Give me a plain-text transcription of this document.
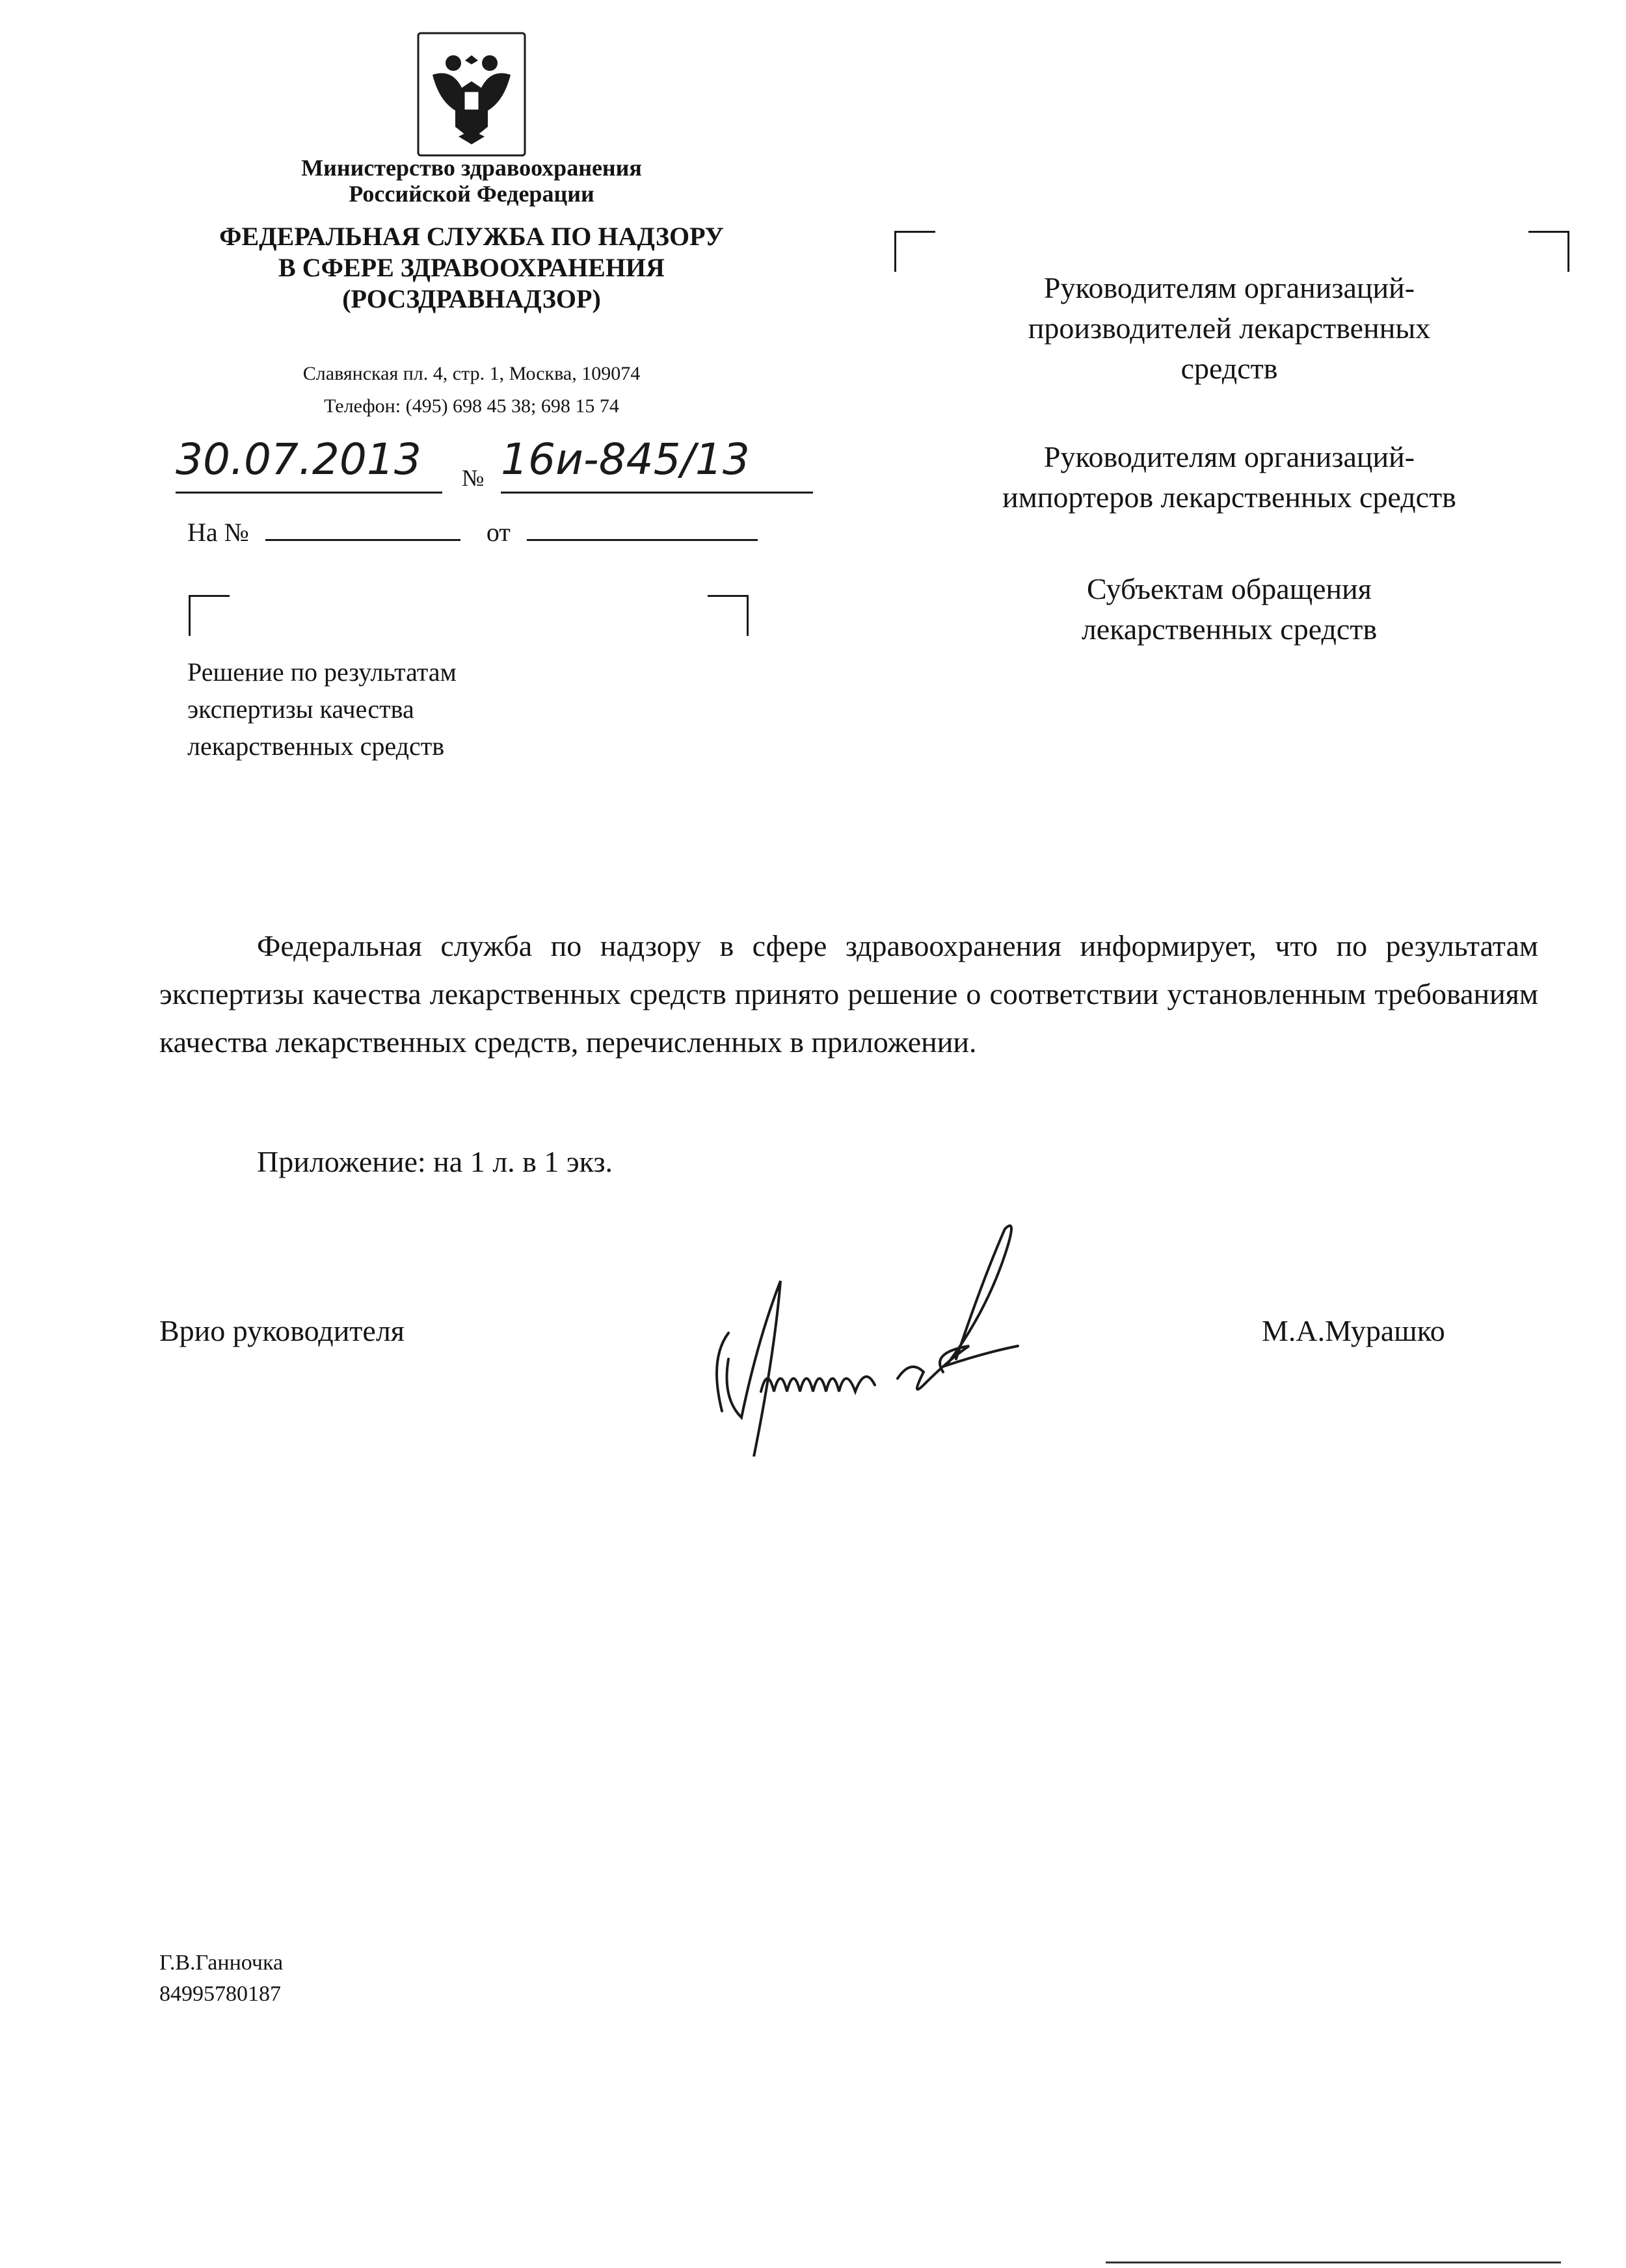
Министерство здравоохранения
Российской Федерации
ФЕДЕРАЛЬНАЯ СЛУЖБА ПО НАДЗОРУ
В СФЕРЕ ЗДРАВООХРАНЕНИЯ
(РОСЗДРАВНАДЗОР)
Славянская пл. 4, стр. 1, Москва, 109074
Телефон: (495) 698 45 38; 698 15 74
30.07.2013 № 16и-845/13
На №	от
Решение по результатам
экспертизы качества
лекарственных средств
Руководителям организаций-
производителей лекарственных
средств
Руководителям организаций-
импортеров лекарственных средств
Субъектам обращения
лекарственных средств
Федеральная служба по надзору в сфере здравоохранения информирует, что по результатам экспертизы качества лекарственных средств принято решение о соответствии установленным требованиям качества лекарственных средств, перечисленных в приложении.
Приложение: на 1 л. в 1 экз.
Врио руководителя	М.А.Мурашко
Г.В.Ганночка
84995780187
